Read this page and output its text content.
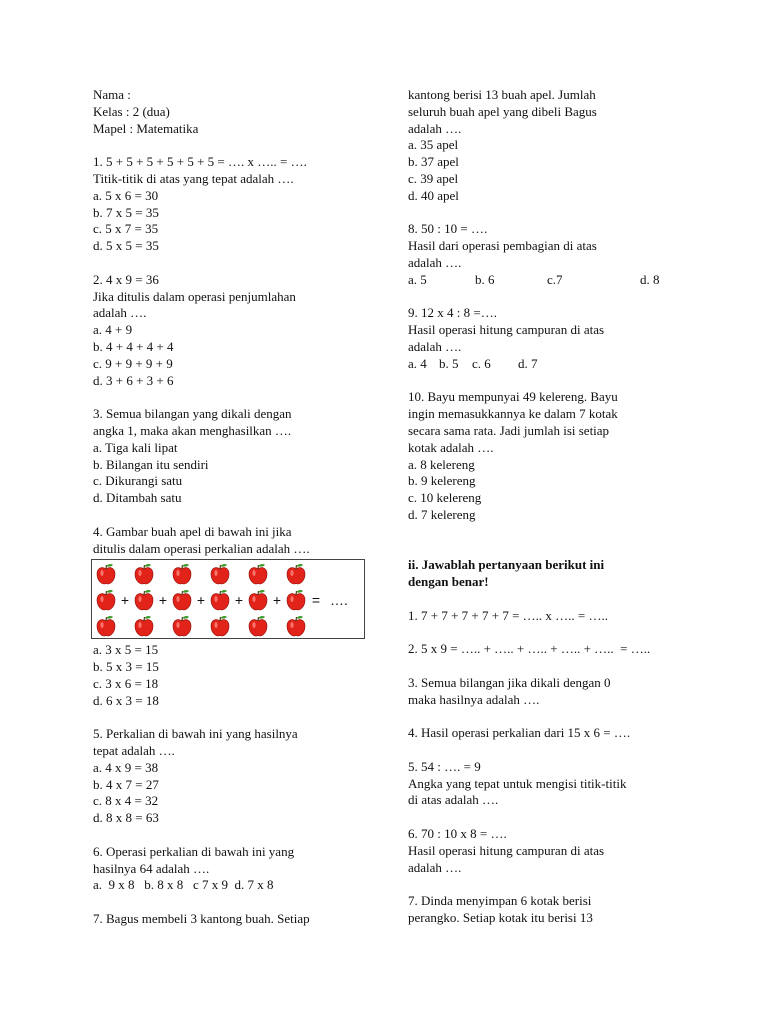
Nama :
Kelas : 2 (dua)
Mapel : Matematika
1. 5 + 5 + 5 + 5 + 5 + 5 = …. x ….. = ….
Titik-titik di atas yang tepat adalah ….
a. 5 x 6 = 30
b. 7 x 5 = 35
c. 5 x 7 = 35
d. 5 x 5 = 35
2. 4 x 9 = 36
Jika ditulis dalam operasi penjumlahan
adalah ….
a. 4 + 9
b. 4 + 4 + 4 + 4
c. 9 + 9 + 9 + 9
d. 3 + 6 + 3 + 6
3. Semua bilangan yang dikali dengan
angka 1, maka akan menghasilkan ….
a. Tiga kali lipat
b. Bilangan itu sendiri
c. Dikurangi satu
d. Ditambah satu
4. Gambar buah apel di bawah ini jika
ditulis dalam operasi perkalian adalah ….
+	+	+	+	+	= ….
a. 3 x 5 = 15
b. 5 x 3 = 15
c. 3 x 6 = 18
d. 6 x 3 = 18
5. Perkalian di bawah ini yang hasilnya
tepat adalah ….
a. 4 x 9 = 38
b. 4 x 7 = 27
c. 8 x 4 = 32
d. 8 x 8 = 63
6. Operasi perkalian di bawah ini yang
hasilnya 64 adalah ….
a.  9 x 8   b. 8 x 8   c 7 x 9  d. 7 x 8
7. Bagus membeli 3 kantong buah. Setiap
kantong berisi 13 buah apel. Jumlah
seluruh buah apel yang dibeli Bagus
adalah ….
a. 35 apel
b. 37 apel
c. 39 apel
d. 40 apel
8. 50 : 10 = ….
Hasil dari operasi pembagian di atas
adalah ….
a. 5	b. 6	c.7	d. 8
9. 12 x 4 : 8 =….
Hasil operasi hitung campuran di atas
adalah ….
a. 4 b. 5	c. 6	d. 7
10. Bayu mempunyai 49 kelereng. Bayu
ingin memasukkannya ke dalam 7 kotak
secara sama rata. Jadi jumlah isi setiap
kotak adalah ….
a. 8 kelereng
b. 9 kelereng
c. 10 kelereng
d. 7 kelereng
ii. Jawablah pertanyaan berikut ini
dengan benar!
1. 7 + 7 + 7 + 7 + 7 = ….. x ….. = …..
2. 5 x 9 = ….. + ….. + ….. + ….. + …..  = …..
3. Semua bilangan jika dikali dengan 0
maka hasilnya adalah ….
4. Hasil operasi perkalian dari 15 x 6 = ….
5. 54 : …. = 9
Angka yang tepat untuk mengisi titik-titik
di atas adalah ….
6. 70 : 10 x 8 = ….
Hasil operasi hitung campuran di atas
adalah ….
7. Dinda menyimpan 6 kotak berisi
perangko. Setiap kotak itu berisi 13
